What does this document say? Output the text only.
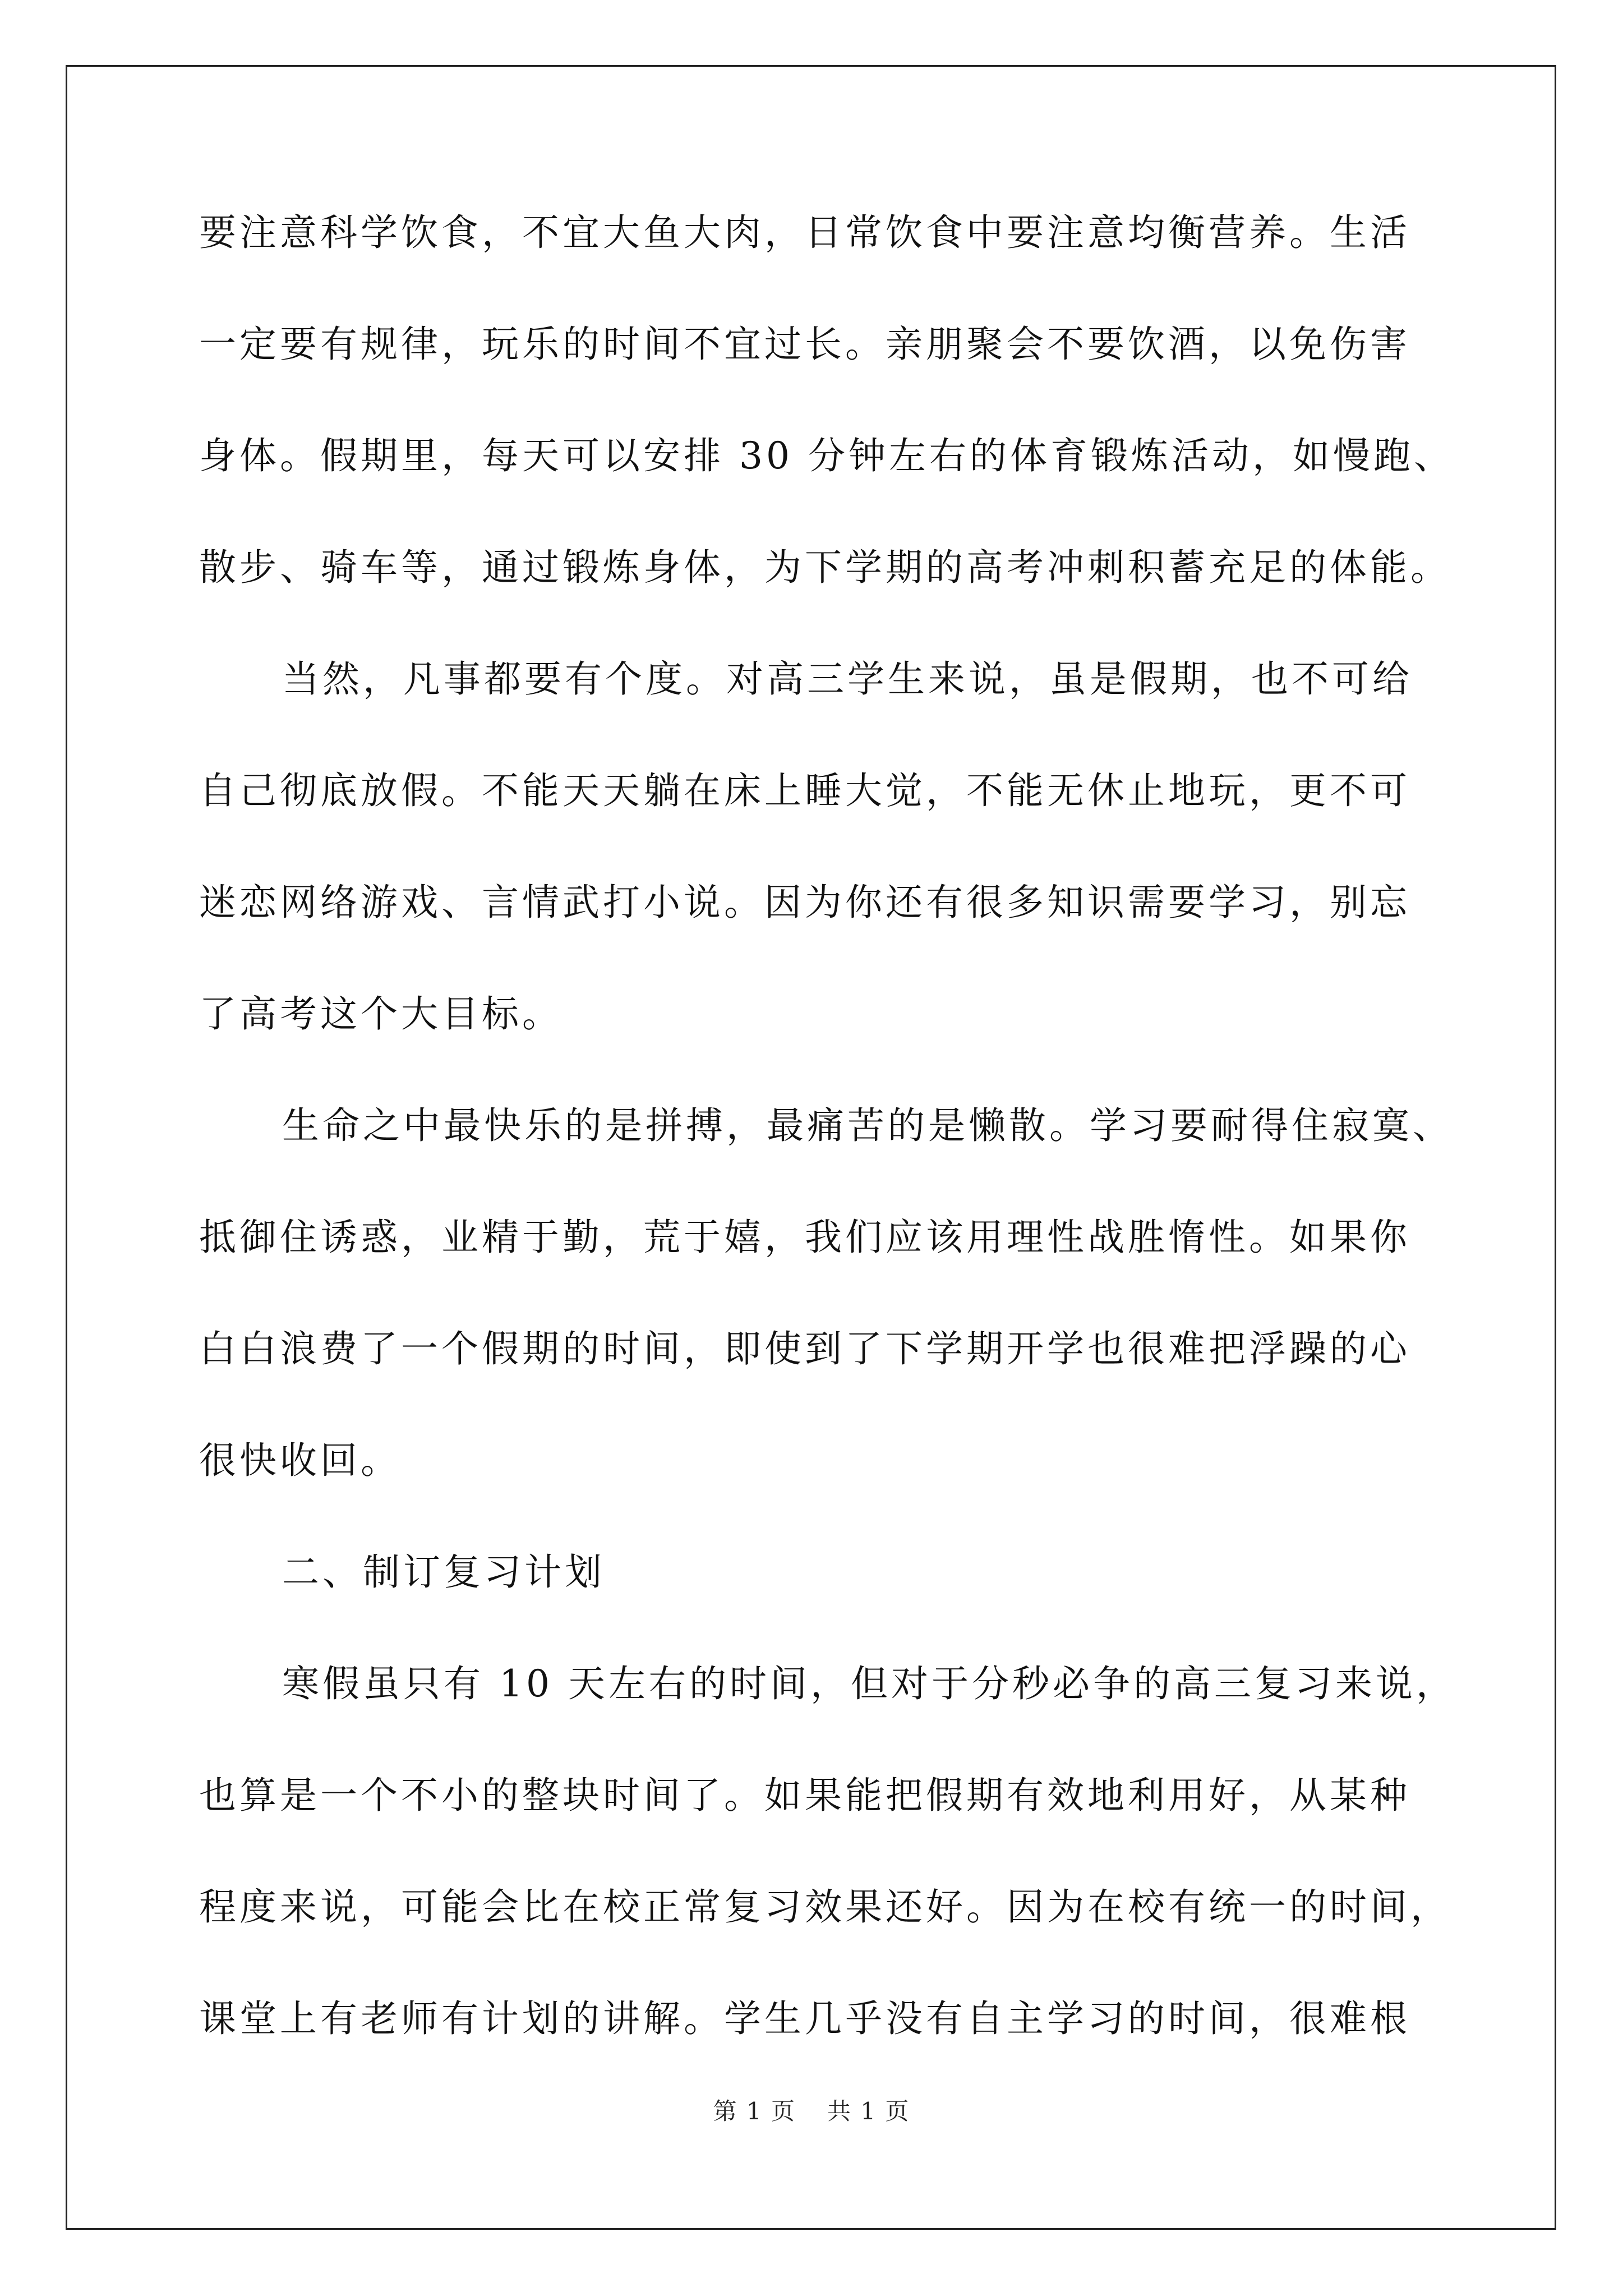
要注意科学饮食，不宜大鱼大肉，日常饮食中要注意均衡营养。生活
一定要有规律，玩乐的时间不宜过长。亲朋聚会不要饮酒，以免伤害
身体。假期里，每天可以安排 30 分钟左右的体育锻炼活动，如慢跑、
散步、骑车等，通过锻炼身体，为下学期的高考冲刺积蓄充足的体能。
当然，凡事都要有个度。对高三学生来说，虽是假期，也不可给
自己彻底放假。不能天天躺在床上睡大觉，不能无休止地玩，更不可
迷恋网络游戏、言情武打小说。因为你还有很多知识需要学习，别忘
了高考这个大目标。
生命之中最快乐的是拼搏，最痛苦的是懒散。学习要耐得住寂寞、
抵御住诱惑，业精于勤，荒于嬉，我们应该用理性战胜惰性。如果你
白白浪费了一个假期的时间，即使到了下学期开学也很难把浮躁的心
很快收回。
二、制订复习计划
寒假虽只有 10 天左右的时间，但对于分秒必争的高三复习来说，
也算是一个不小的整块时间了。如果能把假期有效地利用好，从某种
程度来说，可能会比在校正常复习效果还好。因为在校有统一的时间，
课堂上有老师有计划的讲解。学生几乎没有自主学习的时间，很难根
第 1 页 共 1 页
